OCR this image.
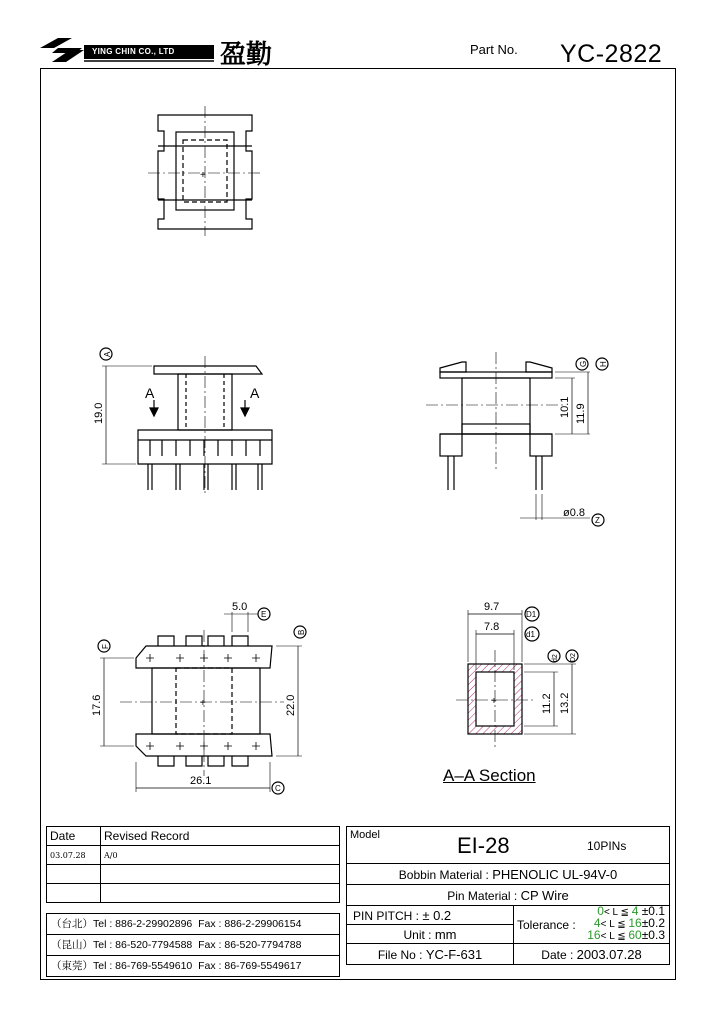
YING CHIN CO., LTD 盈勤	Part No. YC-2822
+
19.0
A	A
A
10.1 11.9
G H
ø0.8
Z
5.0
E
F
B
17.6	22.0
26.1
C
+
9.7
7.8
D1
d1
d2 D2
11.2 13.2
+
A–A Section
Date	Revised Record
03.07.28	A/0

（台北）Tel : 886-2-29902896 Fax : 886-2-29906154
（昆山）Tel : 86-520-7794588 Fax : 86-520-7794788
（東莞）Tel : 86-769-5549610 Fax : 86-769-5549617
Model EI-28 10PINs	

Bobbin Material : PHENOLIC UL-94V-0	
Pin Material : CP Wire	
PIN PITCH : ± 0.2	Tolerance :
0< L ≦ 4 ±0.1
4< L ≦ 16±0.2
16< L ≦ 60±0.3

Unit : mm	
File No : YC-F-631	Date : 2003.07.28
